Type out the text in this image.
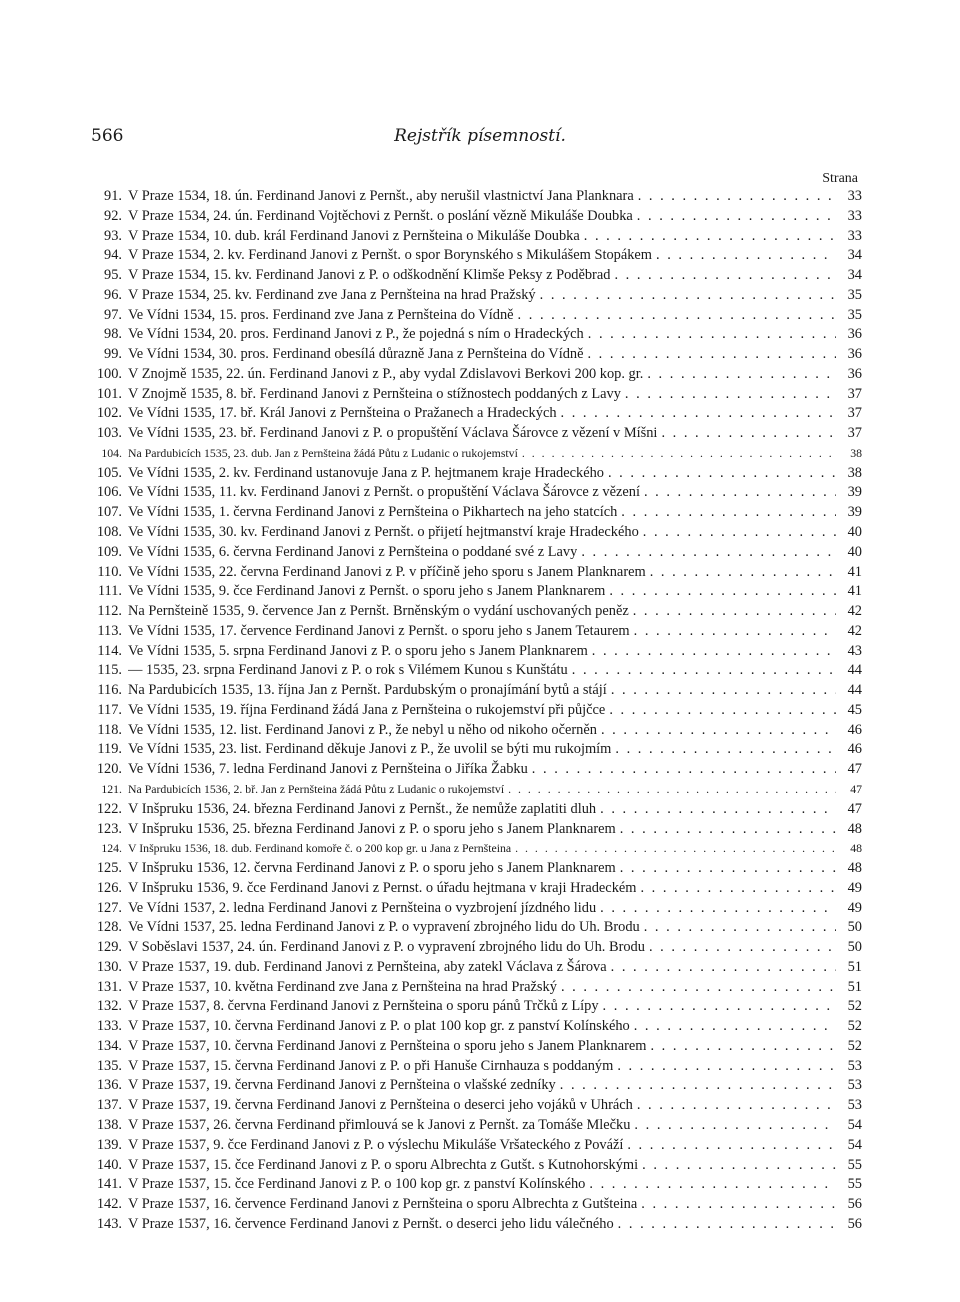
566	Rejstřík písemností.
Strana
91. V Praze 1534, 18. ún. Ferdinand Janovi z Pernšt., aby nerušil vlastnictví Jana Planknara . . .	33
92. V Praze 1534, 24. ún. Ferdinand Vojtěchovi z Pernšt. o poslání vězně Mikuláše Doubka . . .	33
93. V Praze 1534, 10. dub. král Ferdinand Janovi z Pernšteina o Mikuláše Doubka . . .	33
94. V Praze 1534, 2. kv. Ferdinand Janovi z Pernšt. o spor Borynského s Mikulášem Stopákem . . .	34
95. V Praze 1534, 15. kv. Ferdinand Janovi z P. o odškodnění Klimše Peksy z Poděbrad . . .	34
96. V Praze 1534, 25. kv. Ferdinand zve Jana z Pernšteina na hrad Pražský . . .	35
97. Ve Vídni 1534, 15. pros. Ferdinand zve Jana z Pernšteina do Vídně . . .	35
98. Ve Vídni 1534, 20. pros. Ferdinand Janovi z P., že pojedná s ním o Hradeckých . . .	36
99. Ve Vídni 1534, 30. pros. Ferdinand obesílá důrazně Jana z Pernšteina do Vídně . . .	36
100. V Znojmě 1535, 22. ún. Ferdinand Janovi z P., aby vydal Zdislavovi Berkovi 200 kop. gr. . . .	36
101. V Znojmě 1535, 8. bř. Ferdinand Janovi z Pernšteina o stížnostech poddaných z Lavy . . .	37
102. Ve Vídni 1535, 17. bř. Král Janovi z Pernšteina o Pražanech a Hradeckých . . .	37
103. Ve Vídni 1535, 23. bř. Ferdinand Janovi z P. o propuštění Václava Šárovce z vězení v Míšni . . .	37
104. Na Pardubicích 1535, 23. dub. Jan z Pernšteina žádá Půtu z Ludanic o rukojemství . . .	38
105. Ve Vídni 1535, 2. kv. Ferdinand ustanovuje Jana z P. hejtmanem kraje Hradeckého . . .	38
106. Ve Vídni 1535, 11. kv. Ferdinand Janovi z Pernšt. o propuštění Václava Šárovce z vězení . . .	39
107. Ve Vídni 1535, 1. června Ferdinand Janovi z Pernšteina o Pikhartech na jeho statcích . . .	39
108. Ve Vídni 1535, 30. kv. Ferdinand Janovi z Pernšt. o přijetí hejtmanství kraje Hradeckého . . .	40
109. Ve Vídni 1535, 6. června Ferdinand Janovi z Pernšteina o poddané své z Lavy . . .	40
110. Ve Vídni 1535, 22. června Ferdinand Janovi z P. v příčině jeho sporu s Janem Planknarem . . .	41
111. Ve Vídni 1535, 9. čce Ferdinand Janovi z Pernšt. o sporu jeho s Janem Planknarem . . .	41
112. Na Pernšteině 1535, 9. července Jan z Pernšt. Brněnským o vydání uschovaných peněz . . .	42
113. Ve Vídni 1535, 17. července Ferdinand Janovi z Pernšt. o sporu jeho s Janem Tetaurem . . .	42
114. Ve Vídni 1535, 5. srpna Ferdinand Janovi z P. o sporu jeho s Janem Planknarem . . .	43
115. — 1535, 23. srpna Ferdinand Janovi z P. o rok s Vilémem Kunou s Kunštátu . . .	44
116. Na Pardubicích 1535, 13. října Jan z Pernšt. Pardubským o pronajímání bytů a stájí . . .	44
117. Ve Vídni 1535, 19. října Ferdinand žádá Jana z Pernšteina o rukojemství při půjčce . . .	45
118. Ve Vídni 1535, 12. list. Ferdinand Janovi z P., že nebyl u něho od nikoho očerněn . . .	46
119. Ve Vídni 1535, 23. list. Ferdinand děkuje Janovi z P., že uvolil se býti mu rukojmím . . .	46
120. Ve Vídni 1536, 7. ledna Ferdinand Janovi z Pernšteina o Jiříka Žabku . . .	47
121. Na Pardubicích 1536, 2. bř. Jan z Pernšteina žádá Půtu z Ludanic o rukojemství . . .	47
122. V Inšpruku 1536, 24. března Ferdinand Janovi z Pernšt., že nemůže zaplatiti dluh . . .	47
123. V Inšpruku 1536, 25. března Ferdinand Janovi z P. o sporu jeho s Janem Planknarem . . .	48
124. V Inšpruku 1536, 18. dub. Ferdinand komoře č. o 200 kop gr. u Jana z Pernšteina . . .	48
125. V Inšpruku 1536, 12. června Ferdinand Janovi z P. o sporu jeho s Janem Planknarem . . .	48
126. V Inšpruku 1536, 9. čce Ferdinand Janovi z Pernst. o úřadu hejtmana v kraji Hradeckém . . .	49
127. Ve Vídni 1537, 2. ledna Ferdinand Janovi z Pernšteina o vyzbrojení jízdného lidu . . .	49
128. Ve Vídni 1537, 25. ledna Ferdinand Janovi z P. o vypravení zbrojného lidu do Uh. Brodu . . .	50
129. V Soběslavi 1537, 24. ún. Ferdinand Janovi z P. o vypravení zbrojného lidu do Uh. Brodu . . .	50
130. V Praze 1537, 19. dub. Ferdinand Janovi z Pernšteina, aby zatekl Václava z Šárova . . .	51
131. V Praze 1537, 10. května Ferdinand zve Jana z Pernšteina na hrad Pražský . . .	51
132. V Praze 1537, 8. června Ferdinand Janovi z Pernšteina o sporu pánů Trčků z Lípy . . .	52
133. V Praze 1537, 10. června Ferdinand Janovi z P. o plat 100 kop gr. z panství Kolínského . . .	52
134. V Praze 1537, 10. června Ferdinand Janovi z Pernšteina o sporu jeho s Janem Planknarem . . .	52
135. V Praze 1537, 15. června Ferdinand Janovi z P. o při Hanuše Cirnhauza s poddaným . . .	53
136. V Praze 1537, 19. června Ferdinand Janovi z Pernšteina o vlašské zedníky . . .	53
137. V Praze 1537, 19. června Ferdinand Janovi z Pernšteina o deserci jeho vojáků v Uhrách . . .	53
138. V Praze 1537, 26. června Ferdinand přimlouvá se k Janovi z Pernšt. za Tomáše Mlečku . . .	54
139. V Praze 1537, 9. čce Ferdinand Janovi z P. o výslechu Mikuláše Vršateckého z Pováží . . .	54
140. V Praze 1537, 15. čce Ferdinand Janovi z P. o sporu Albrechta z Gutšt. s Kutnohorskými . . .	55
141. V Praze 1537, 15. čce Ferdinand Janovi z P. o 100 kop gr. z panství Kolínského . . .	55
142. V Praze 1537, 16. července Ferdinand Janovi z Pernšteina o sporu Albrechta z Gutšteina . . .	56
143. V Praze 1537, 16. července Ferdinand Janovi z Pernšt. o deserci jeho lidu válečného . . .	56
